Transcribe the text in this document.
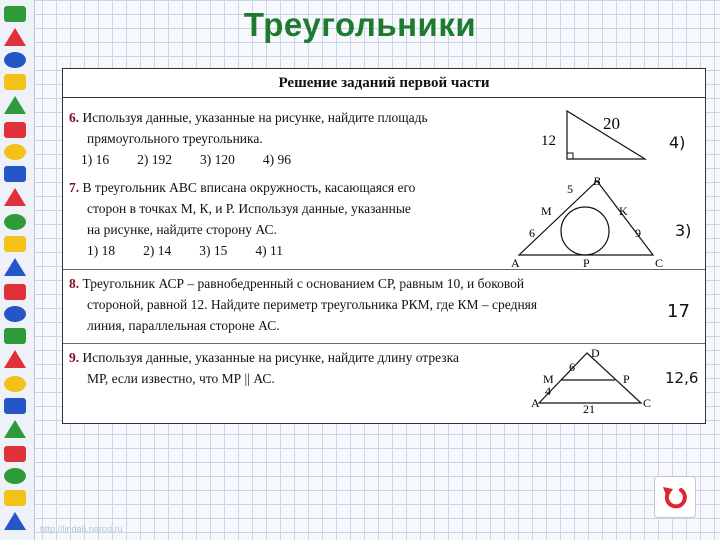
Треугольники
Решение заданий первой части
6. Используя данные, указанные на рисунке, найдите площадь
прямоугольного треугольника.
1) 16 2) 192 3) 120 4) 96
12
20
4)
7. В треугольник АВС вписана окружность, касающаяся его
сторон в точках М, К, и Р. Используя данные, указанные
на рисунке, найдите сторону АС.
1) 18 2) 14 3) 15 4) 11
B
5
M	K
6	9
A	P	C
3)
8. Треугольник АСР – равнобедренный с основанием СР, равным 10, и боковой
стороной, равной 12. Найдите периметр треугольника РКМ, где КМ – средняя
линия, параллельная стороне АС.
17
9. Используя данные, указанные на рисунке, найдите длину отрезка
МР, если известно, что МР || АС.
D
6
M	P
4
A	21	C
12,6
http://linda6.narod.ru
